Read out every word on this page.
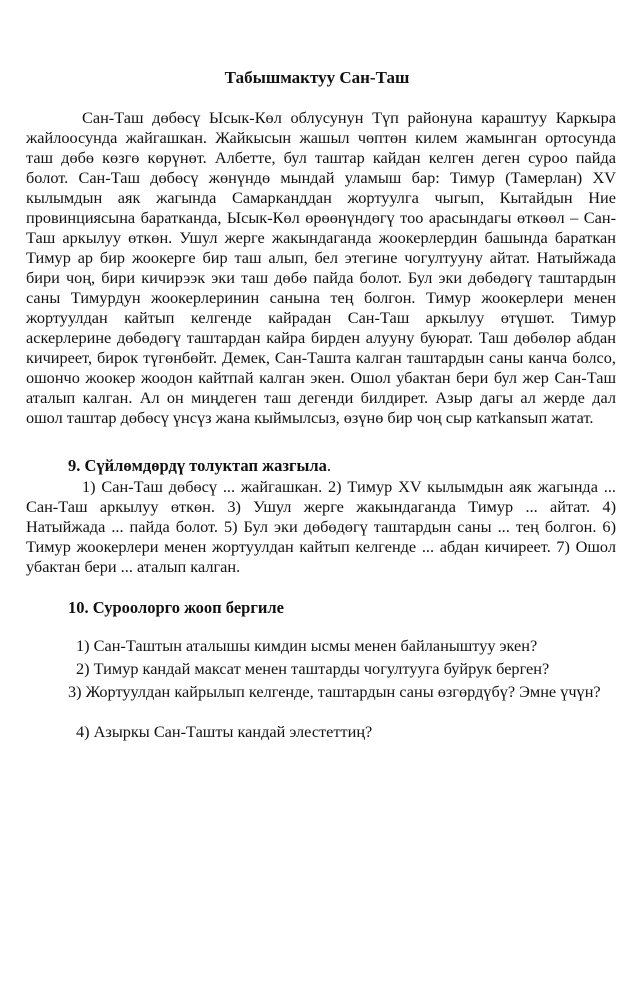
Табышмактуу Сан-Таш
Сан-Таш дөбөсү Ысык-Көл облусунун Түп районуна караштуу Каркыра жайлоосунда жайгашкан. Жайкысын жашыл чөптөн килем жамынган ортосунда таш дөбө көзгө көрүнөт. Албетте, бул таштар кайдан келген деген суроо пайда болот. Сан-Таш дөбөсү жөнүндө мындай уламыш бар: Тимур (Тамерлан) XV кылымдын аяк жагында Самарканддан жортуулга чыгып, Кытайдын Ние провинциясына баратканда, Ысык-Көл өрөөнүндөгү тоо арасындагы өткөөл – Сан-Таш аркылуу өткөн. Ушул жерге жакындаганда жоокерлердин башында бараткан Тимур ар бир жоокерге бир таш алып, бел этегине чогултууну айтат. Натыйжада бири чоң, бири кичирээк эки таш дөбө пайда болот. Бул эки дөбөдөгү таштардын саны Тимурдун жоокерлеринин санына тең болгон. Тимур жоокерлери менен жортуулдан кайтып келгенде кайрадан Сан-Таш аркылуу өтүшөт. Тимур аскерлерине дөбөдөгү таштардан кайра бирден алууну буюрат. Таш дөбөлөр абдан кичиреет, бирок түгөнбөйт. Демек, Сан-Ташта калган таштардын саны канча болсо, ошончо жоокер жоодон кайтпай калган экен. Ошол убактан бери бул жер Сан-Таш аталып калган. Ал он миңдеген таш дегенди билдирет. Азыр дагы ал жерде дал ошол таштар дөбөсү үнсүз жана кыймылсыз, өзүнө бир чоң сыр катkansып жатат.
9. Сүйлөмдөрдү толуктап жазгыла.
1) Сан-Таш дөбөсү ... жайгашкан. 2) Тимур XV кылымдын аяк жагында ... Сан-Таш аркылуу өткөн. 3) Ушул жерге жакындаганда Тимур ... айтат. 4) Натыйжада ... пайда болот. 5) Бул эки дөбөдөгү таштардын саны ... тең болгон. 6) Тимур жоокерлери менен жортуулдан кайтып келгенде ... абдан кичиреет. 7) Ошол убактан бери ... аталып калган.
10. Суроолорго жооп бергиле
1) Сан-Таштын аталышы кимдин ысмы менен байланыштуу экен?
2) Тимур кандай максат менен таштарды чогултууга буйрук берген?
3) Жортуулдан кайрылып келгенде, таштардын саны өзгөрдүбү? Эмне үчүн?
4) Азыркы Сан-Ташты кандай элестеттиң?
